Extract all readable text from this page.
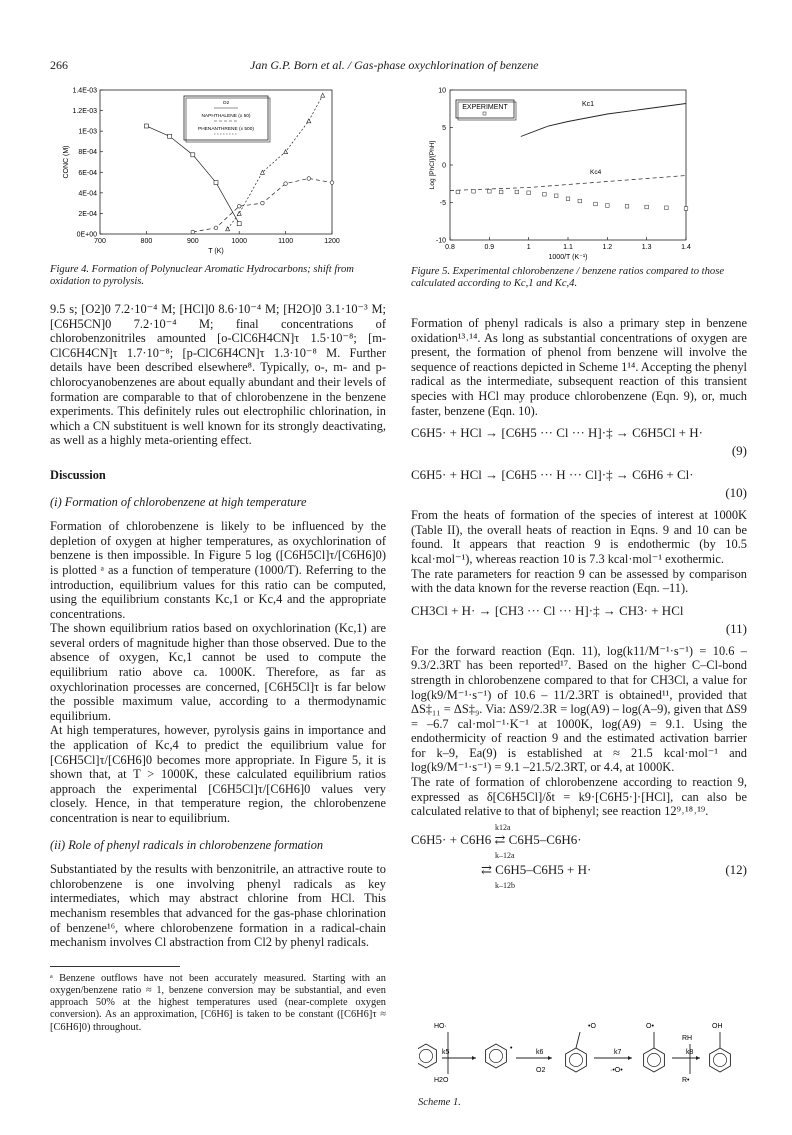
266	Jan G.P. Born et al. / Gas-phase oxychlorination of benzene
1.4E-03
1.2E-03
1E-03
8E-04
6E-04
4E-04
2E-04
0E+00
700	800	900	1000	1100	1200
T (K)
CONC (M)
O2
NAPHTHALENE (x 50)
PHENANTHRENE (x 500)
Figure 4. Formation of Polynuclear Aromatic Hydrocarbons; shift from oxidation to pyrolysis.
10
5
0
-5
-10
0.8	0.9	1	1.1	1.2	1.3	1.4
1000/T (K⁻¹)
Log [PhCl]/[PhH]
EXPERIMENT	Kc1
Kc4
Figure 5. Experimental chlorobenzene / benzene ratios compared to those calculated according to Kc,1 and Kc,4.

9.5 s; [O2]0 7.2·10⁻⁴ M; [HCl]0 8.6·10⁻⁴ M; [H2O]0 3.1·10⁻³ M; [C6H5CN]0 7.2·10⁻⁴ M; final concentrations of chlorobenzonitriles amounted [o-ClC6H4CN]τ 1.5·10⁻⁸; [m-ClC6H4CN]τ 1.7·10⁻⁸; [p-ClC6H4CN]τ 1.3·10⁻⁸ M. Further details have been described elsewhere⁸. Typically, o-, m- and p-chlorocyanobenzenes are about equally abundant and their levels of formation are comparable to that of chlorobenzene in the benzene experiments. This definitely rules out electrophilic chlorination, in which a CN substituent is well known for its strongly deactivating, as well as a highly meta-orienting effect.

Discussion
(i) Formation of chlorobenzene at high temperature

Formation of chlorobenzene is likely to be influenced by the depletion of oxygen at higher temperatures, as oxychlorination of benzene is then impossible. In Figure 5 log ([C6H5Cl]τ/[C6H6]0) is plotted ᵃ as a function of temperature (1000/T). Referring to the introduction, equilibrium values for this ratio can be computed, using the equilibrium constants Kc,1 or Kc,4 and the appropriate concentrations.

The shown equilibrium ratios based on oxychlorination (Kc,1) are several orders of magnitude higher than those observed. Due to the absence of oxygen, Kc,1 cannot be used to compute the equilibrium ratio above ca. 1000K. Therefore, as far as oxychlorination processes are concerned, [C6H5Cl]τ is far below the possible maximum value, according to a thermodynamic equilibrium.

At high temperatures, however, pyrolysis gains in importance and the application of Kc,4 to predict the equilibrium value for [C6H5Cl]τ/[C6H6]0 becomes more appropriate. In Figure 5, it is shown that, at T > 1000K, these calculated equilibrium ratios approach the experimental [C6H5Cl]τ/[C6H6]0 values very closely. Hence, in that temperature region, the chlorobenzene concentration is near to equilibrium.

(ii) Role of phenyl radicals in chlorobenzene formation

Substantiated by the results with benzonitrile, an attractive route to chlorobenzene is one involving phenyl radicals as key intermediates, which may abstract chlorine from HCl. This mechanism resembles that advanced for the gas-phase chlorination of benzene¹⁶, where chlorobenzene formation in a radical-chain mechanism involves Cl abstraction from Cl2 by phenyl radicals.

ᵃ Benzene outflows have not been accurately measured. Starting with an oxygen/benzene ratio ≈ 1, benzene conversion may be substantial, and even approach 50% at the highest temperatures used (near-complete oxygen conversion). As an approximation, [C6H6] is taken to be constant ([C6H6]τ ≈ [C6H6]0) throughout.

Formation of phenyl radicals is also a primary step in benzene oxidation¹³˒¹⁴. As long as substantial concentrations of oxygen are present, the formation of phenol from benzene will involve the sequence of reactions depicted in Scheme 1¹⁴. Accepting the phenyl radical as the intermediate, subsequent reaction of this transient species with HCl may produce chlorobenzene (Eqn. 9), or, much faster, benzene (Eqn. 10).

C6H5· + HCl → [C6H5 ··· Cl ··· H]·‡ → C6H5Cl + H·
(9)
C6H5· + HCl → [C6H5 ··· H ··· Cl]·‡ → C6H6 + Cl·
(10)

From the heats of formation of the species of interest at 1000K (Table II), the overall heats of reaction in Eqns. 9 and 10 can be found. It appears that reaction 9 is endothermic (by 10.5 kcal·mol⁻¹), whereas reaction 10 is 7.3 kcal·mol⁻¹ exothermic.

The rate parameters for reaction 9 can be assessed by comparison with the data known for the reverse reaction (Eqn. –11).

CH3Cl + H· → [CH3 ··· Cl ··· H]·‡ → CH3· + HCl
(11)

For the forward reaction (Eqn. 11), log(k11/M⁻¹·s⁻¹) = 10.6 – 9.3/2.3RT has been reported¹⁷. Based on the higher C–Cl-bond strength in chlorobenzene compared to that for CH3Cl, a value for log(k9/M⁻¹·s⁻¹) of 10.6 – 11/2.3RT is obtained¹¹, provided that ΔS‡₁₁ = ΔS‡₉. Via: ΔS9/2.3R = log(A9) – log(A–9), given that ΔS9 = –6.7 cal·mol⁻¹·K⁻¹ at 1000K, log(A9) = 9.1. Using the endothermicity of reaction 9 and the estimated activation barrier for k–9, Ea(9) is established at ≈ 21.5 kcal·mol⁻¹ and log(k9/M⁻¹·s⁻¹) = 9.1 –21.5/2.3RT, or 4.4, at 1000K.

The rate of formation of chlorobenzene according to reaction 9, expressed as δ[C6H5Cl]/δt = k9·[C6H5·]·[HCl], can also be calculated relative to that of biphenyl; see reaction 12⁹˒¹⁸˒¹⁹.

C6H5· + C6H6 ⇄ C6H5–C6H6·
k12a
k–12a
⇄ C6H5–C6H5 + H·
k–12b
(12)
HO·
k5
H2O
k6
O2
k7
·•O•
•O	O•
RH
k8
R•
OH
•
Scheme 1.
